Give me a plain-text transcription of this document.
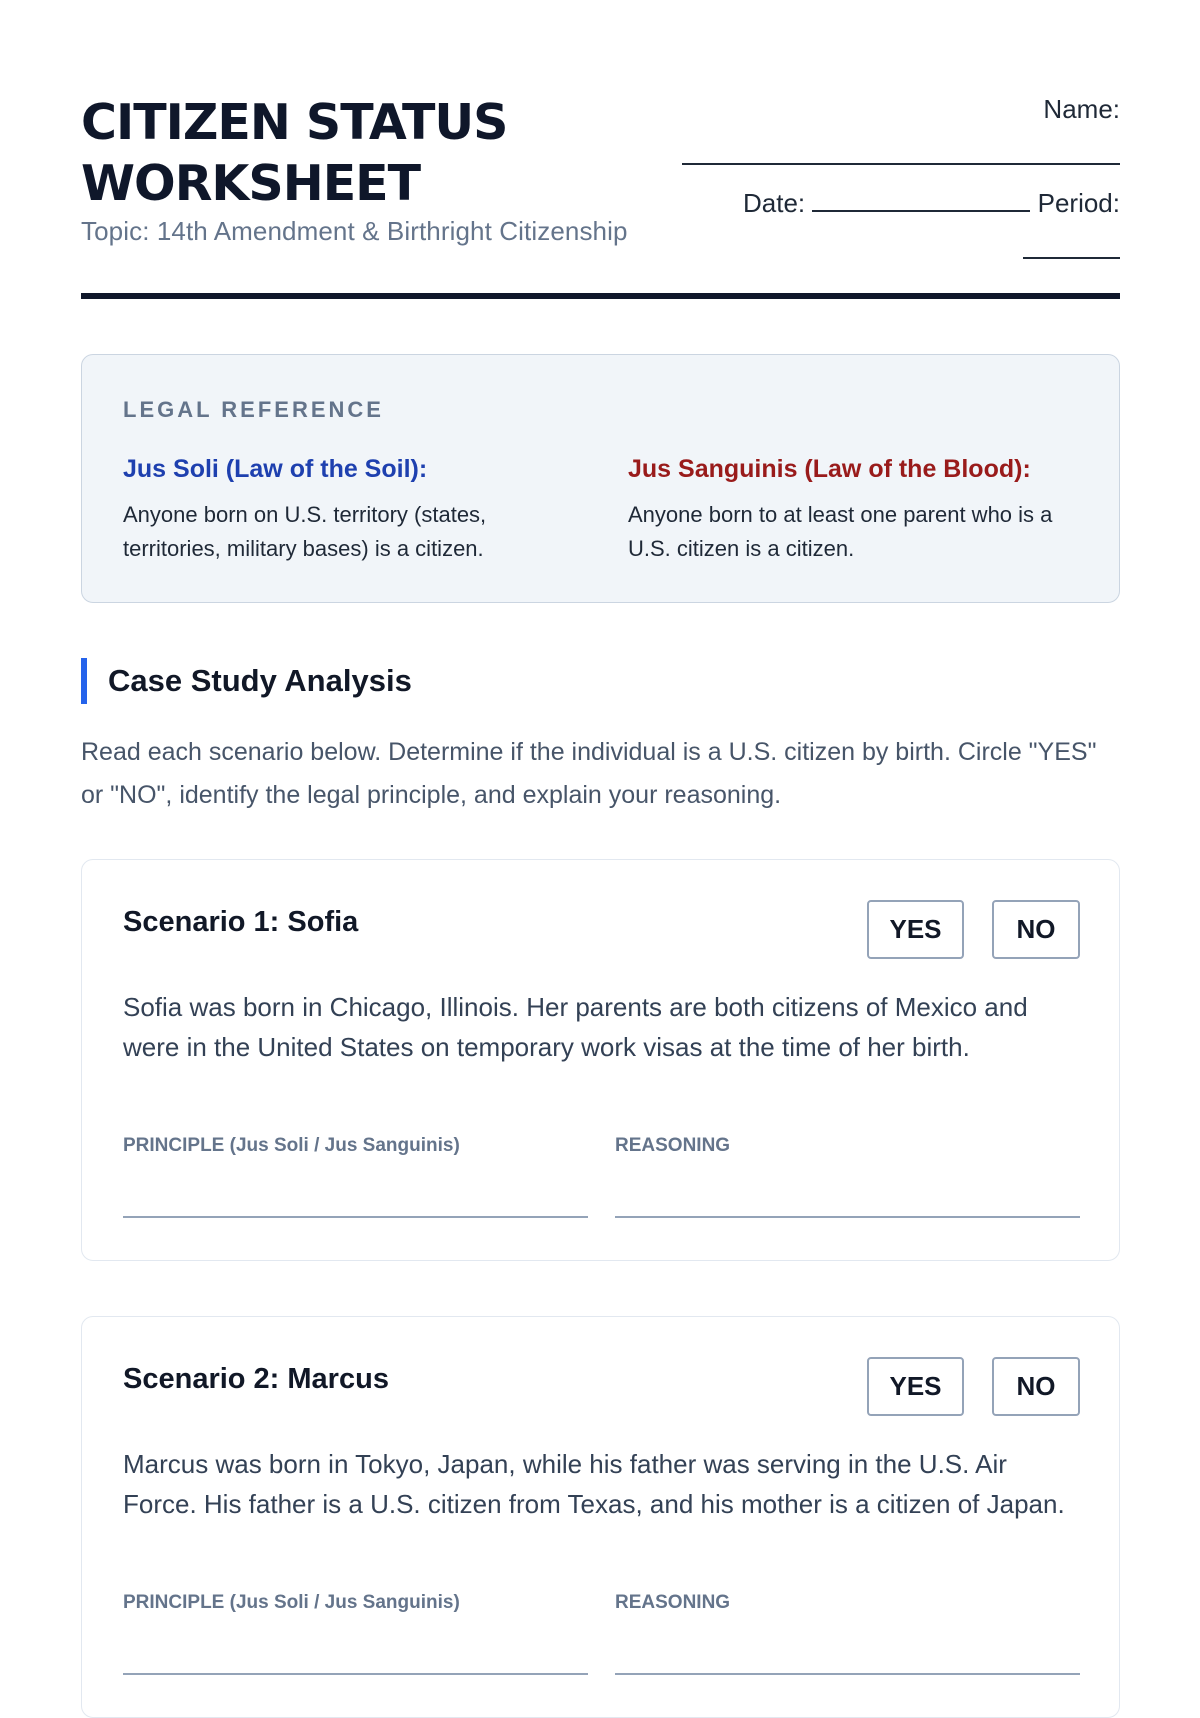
CITIZEN STATUS
WORKSHEET
Topic: 14th Amendment & Birthright Citizenship
Name:
Date:	Period:
LEGAL REFERENCE
Jus Soli (Law of the Soil):
Anyone born on U.S. territory (states, territories, military bases) is a citizen.
Jus Sanguinis (Law of the Blood):
Anyone born to at least one parent who is a U.S. citizen is a citizen.
Case Study Analysis
Read each scenario below. Determine if the individual is a U.S. citizen by birth. Circle "YES" or "NO", identify the legal principle, and explain your reasoning.
Scenario 1: Sofia	YES	NO
Sofia was born in Chicago, Illinois. Her parents are both citizens of Mexico and were in the United States on temporary work visas at the time of her birth.
PRINCIPLE (Jus Soli / Jus Sanguinis)	REASONING
Scenario 2: Marcus	YES	NO
Marcus was born in Tokyo, Japan, while his father was serving in the U.S. Air Force. His father is a U.S. citizen from Texas, and his mother is a citizen of Japan.
PRINCIPLE (Jus Soli / Jus Sanguinis)	REASONING
